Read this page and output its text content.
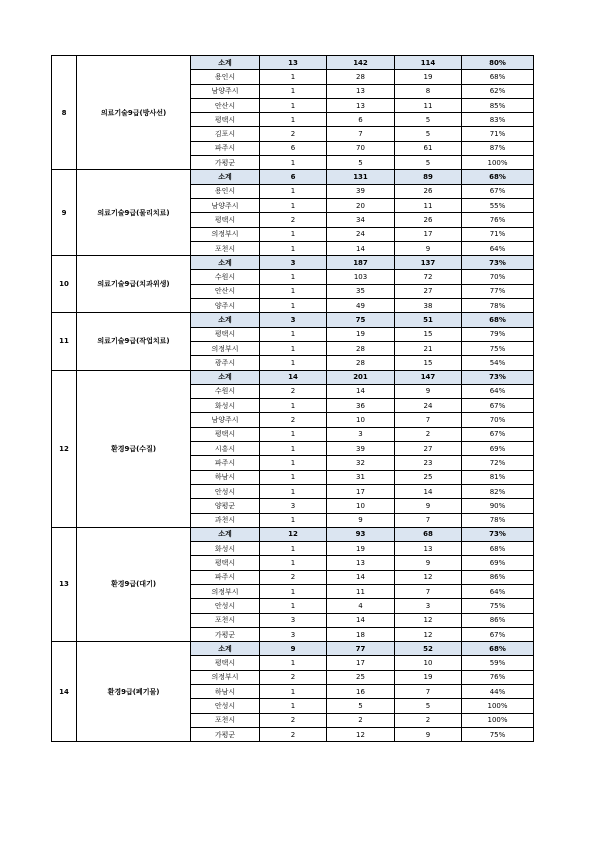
8	의료기술9급(방사선)	소계	13	142	114	80%
		용인시	1	28	19	68%
		남양주시	1	13	8	62%
		안산시	1	13	11	85%
		평택시	1	6	5	83%
		김포시	2	7	5	71%
		파주시	6	70	61	87%
		가평군	1	5	5	100%
9	의료기술9급(물리치료)	소계	6	131	89	68%
		용인시	1	39	26	67%
		남양주시	1	20	11	55%
		평택시	2	34	26	76%
		의정부시	1	24	17	71%
		포천시	1	14	9	64%
10	의료기술9급(치과위생)	소계	3	187	137	73%
		수원시	1	103	72	70%
		안산시	1	35	27	77%
		양주시	1	49	38	78%
11	의료기술9급(작업치료)	소계	3	75	51	68%
		평택시	1	19	15	79%
		의정부시	1	28	21	75%
		광주시	1	28	15	54%
12	환경9급(수질)	소계	14	201	147	73%
		수원시	2	14	9	64%
		화성시	1	36	24	67%
		남양주시	2	10	7	70%
		평택시	1	3	2	67%
		시흥시	1	39	27	69%
		파주시	1	32	23	72%
		하남시	1	31	25	81%
		안성시	1	17	14	82%
		양평군	3	10	9	90%
		과천시	1	9	7	78%
13	환경9급(대기)	소계	12	93	68	73%
		화성시	1	19	13	68%
		평택시	1	13	9	69%
		파주시	2	14	12	86%
		의정부시	1	11	7	64%
		안성시	1	4	3	75%
		포천시	3	14	12	86%
		가평군	3	18	12	67%
14	환경9급(폐기물)	소계	9	77	52	68%
		평택시	1	17	10	59%
		의정부시	2	25	19	76%
		하남시	1	16	7	44%
		안성시	1	5	5	100%
		포천시	2	2	2	100%
		가평군	2	12	9	75%
